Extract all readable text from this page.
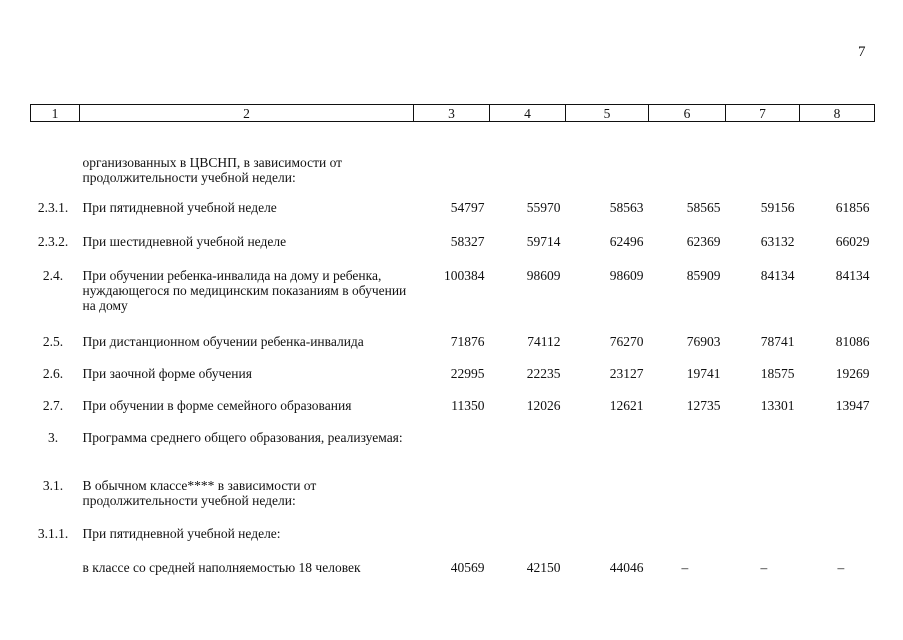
7
1	2	3	4	5	6	7	8
	организованных в ЦВСНП, в зависимости от продолжительности учебной недели:						
2.3.1.	При пятидневной учебной неделе	54797	55970	58563	58565	59156	61856
2.3.2.	При шестидневной учебной неделе	58327	59714	62496	62369	63132	66029
2.4.	При обучении ребенка-инвалида на дому и ребенка, нуждающегося по медицинским показаниям в обучении на дому	100384	98609	98609	85909	84134	84134
2.5.	При дистанционном обучении ребенка-инвалида	71876	74112	76270	76903	78741	81086
2.6.	При заочной форме обучения	22995	22235	23127	19741	18575	19269
2.7.	При обучении в форме семейного образования	11350	12026	12621	12735	13301	13947
3.	Программа среднего общего образования, реализуемая:						
3.1.	В обычном классе**** в зависимости от продолжительности учебной недели:						
3.1.1.	При пятидневной учебной неделе:						
	в классе со средней наполняемостью 18 человек	40569	42150	44046	–	–	–
